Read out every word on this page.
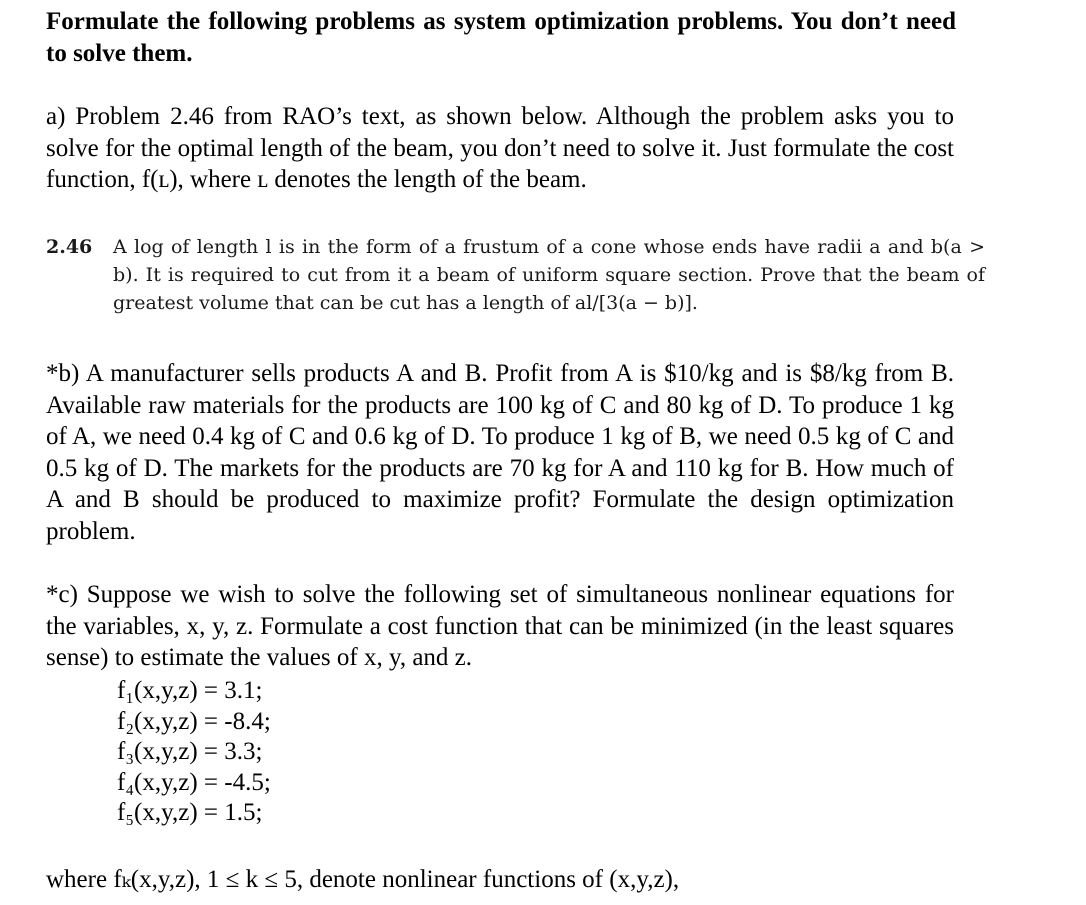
Formulate the following problems as system optimization problems. You don’t need to solve them.
a) Problem 2.46 from RAO’s text, as shown below. Although the problem asks you to solve for the optimal length of the beam, you don’t need to solve it. Just formulate the cost function, f(ʟ), where ʟ denotes the length of the beam.
2.46 A log of length l is in the form of a frustum of a cone whose ends have radii a and b(a > b). It is required to cut from it a beam of uniform square section. Prove that the beam of greatest volume that can be cut has a length of al/[3(a − b)].
*b) A manufacturer sells products A and B. Profit from A is $10/kg and is $8/kg from B. Available raw materials for the products are 100 kg of C and 80 kg of D. To produce 1 kg of A, we need 0.4 kg of C and 0.6 kg of D. To produce 1 kg of B, we need 0.5 kg of C and 0.5 kg of D. The markets for the products are 70 kg for A and 110 kg for B. How much of A and B should be produced to maximize profit? Formulate the design optimization problem.
*c) Suppose we wish to solve the following set of simultaneous nonlinear equations for the variables, x, y, z. Formulate a cost function that can be minimized (in the least squares sense) to estimate the values of x, y, and z.
f₁(x,y,z) = 3.1;
f₂(x,y,z) = -8.4;
f₃(x,y,z) = 3.3;
f₄(x,y,z) = -4.5;
f₅(x,y,z) = 1.5;
where fₖ(x,y,z), 1 ≤ k ≤ 5, denote nonlinear functions of (x,y,z),
